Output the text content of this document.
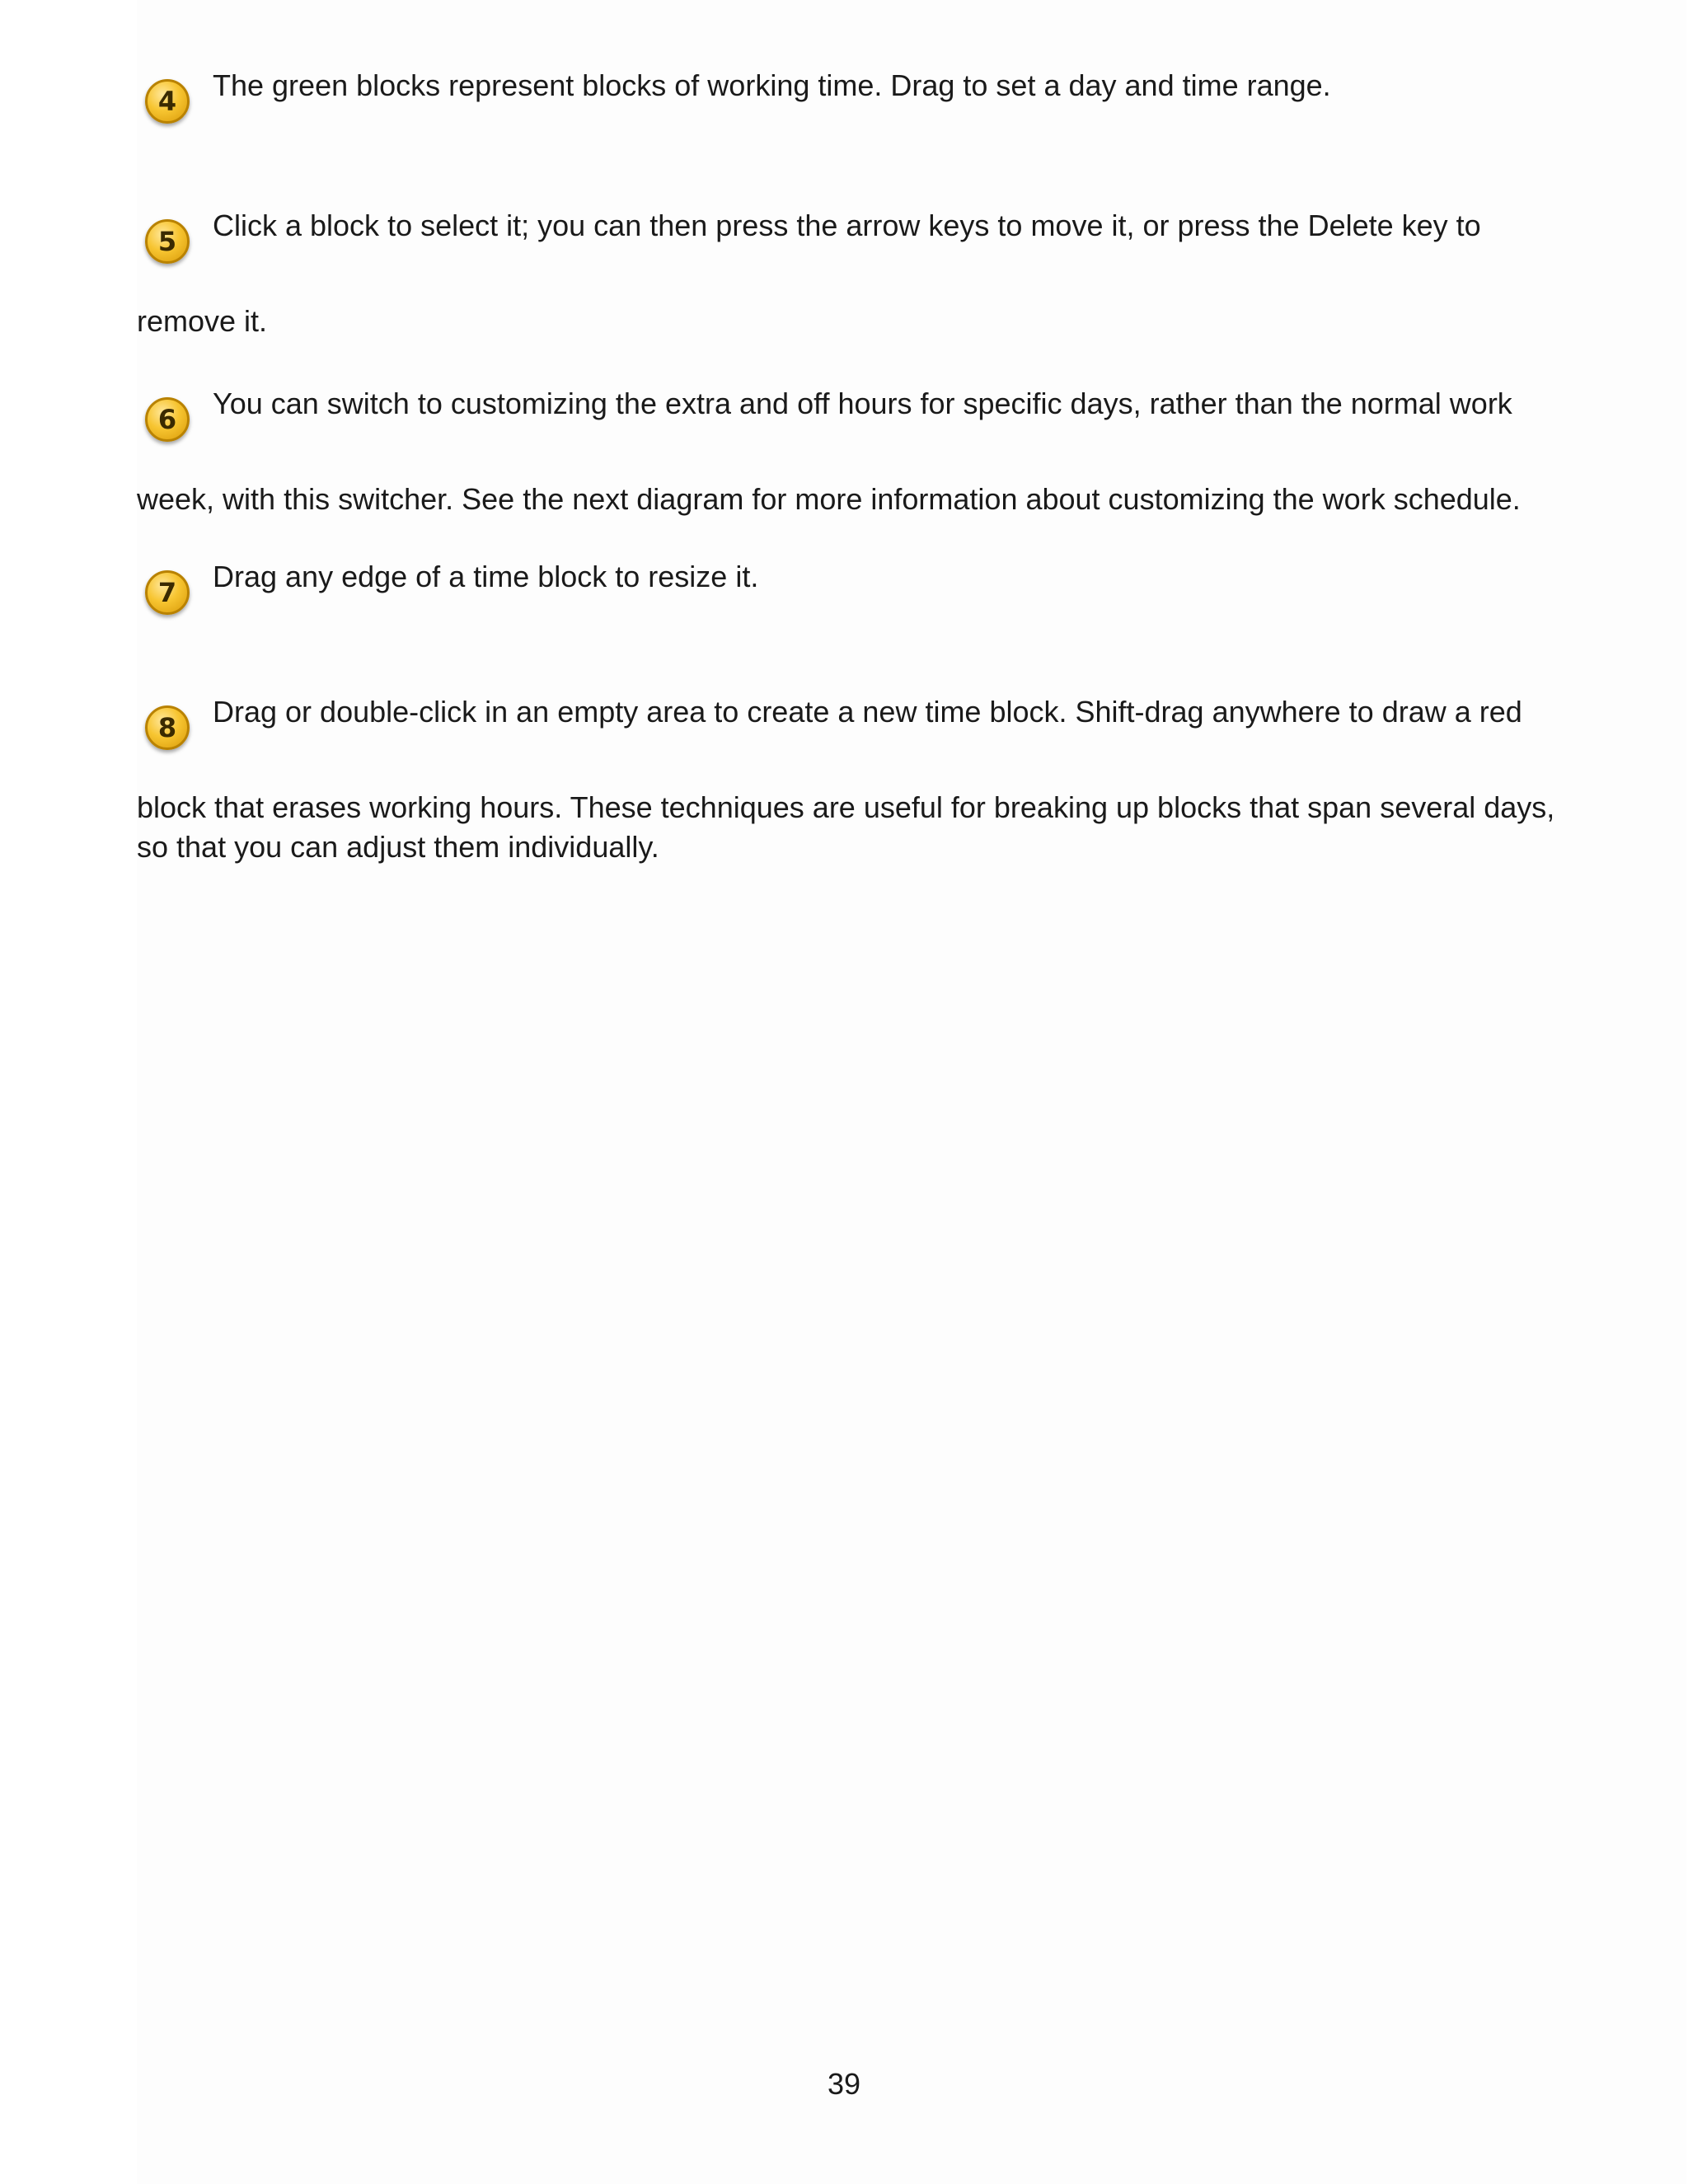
4 The green blocks represent blocks of working time. Drag to set a day and time range.
5 Click a block to select it; you can then press the arrow keys to move it, or press the Delete key to
remove it.
6 You can switch to customizing the extra and off hours for specific days, rather than the normal work
week, with this switcher. See the next diagram for more information about customizing the work schedule.
7 Drag any edge of a time block to resize it.
8 Drag or double-click in an empty area to create a new time block. Shift-drag anywhere to draw a red
block that erases working hours. These techniques are useful for breaking up blocks that span several days, so that you can adjust them individually.
39
